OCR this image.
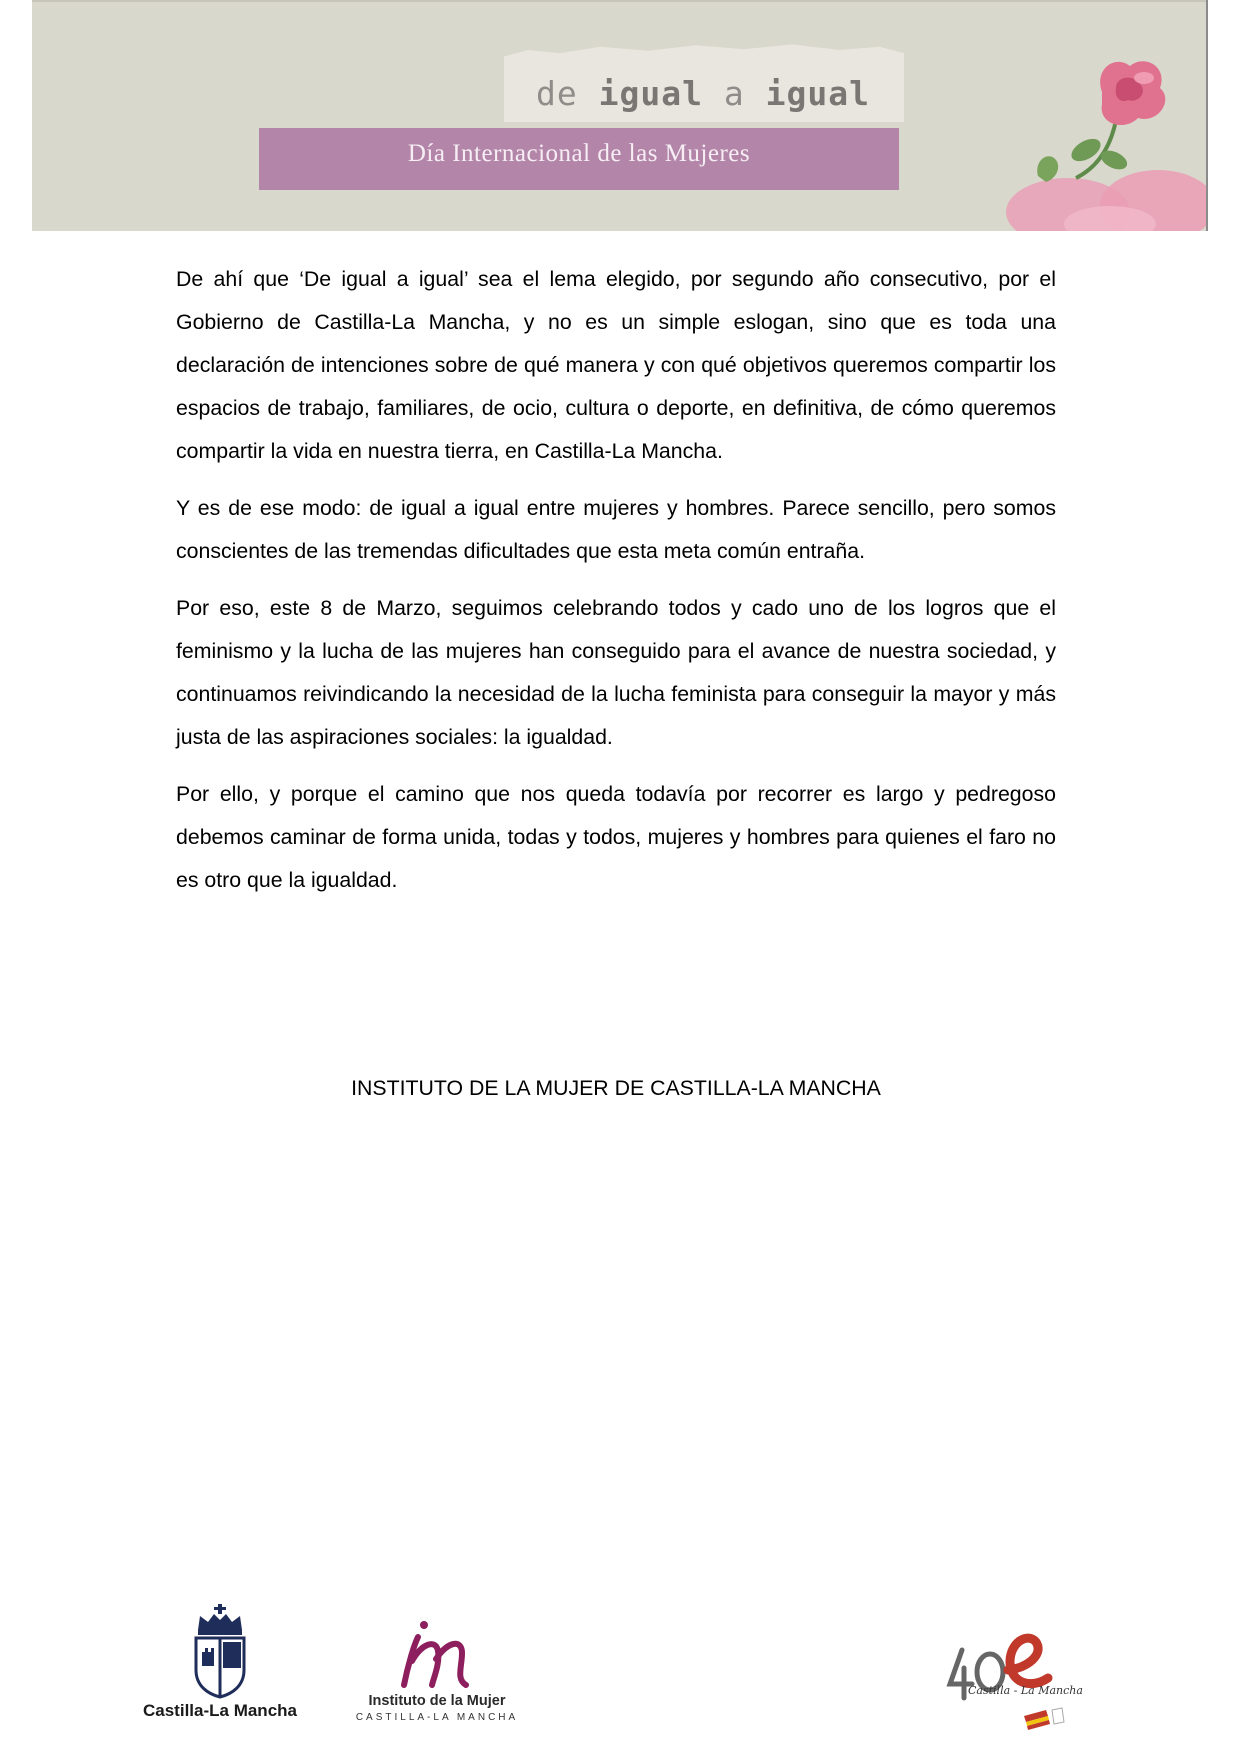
de igual a igual
Día Internacional de las Mujeres

De ahí que ‘De igual a igual’ sea el lema elegido, por segundo año consecutivo, por el Gobierno de Castilla-La Mancha, y no es un simple eslogan, sino que es toda una declaración de intenciones sobre de qué manera y con qué objetivos queremos compartir los espacios de trabajo, familiares, de ocio, cultura o deporte, en definitiva, de cómo queremos compartir la vida en nuestra tierra, en Castilla-La Mancha.

Y es de ese modo: de igual a igual entre mujeres y hombres. Parece sencillo, pero somos conscientes de las tremendas dificultades que esta meta común entraña.

Por eso, este 8 de Marzo, seguimos celebrando todos y cado uno de los logros que el feminismo y la lucha de las mujeres han conseguido para el avance de nuestra sociedad, y continuamos reivindicando la necesidad de la lucha feminista para conseguir la mayor y más justa de las aspiraciones sociales: la igualdad.

Por ello, y porque el camino que nos queda todavía por recorrer es largo y pedregoso debemos caminar de forma unida, todas y todos, mujeres y hombres para quienes el faro no es otro que la igualdad.

INSTITUTO DE LA MUJER DE CASTILLA-LA MANCHA
Castilla-La Mancha	Instituto de la Mujer
CASTILLA-LA MANCHA
Castilla - La Mancha
